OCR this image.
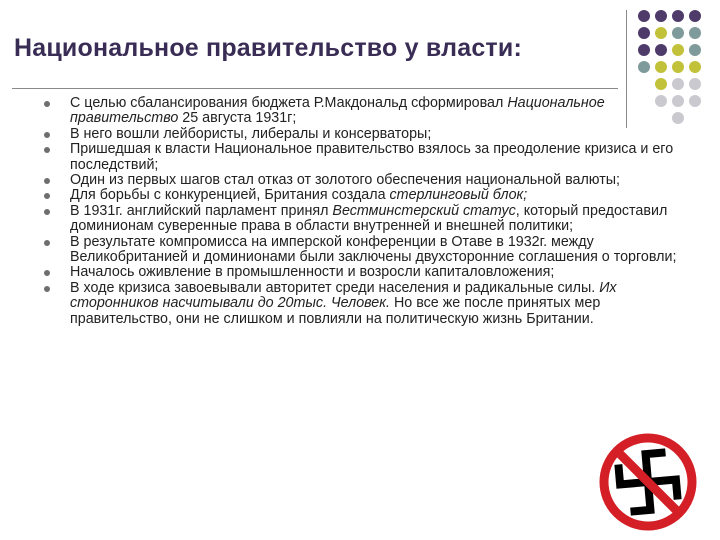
Национальное правительство у власти:
С целью сбалансирования бюджета Р.Макдональд сформировал Национальное правительство 25 августа 1931г;
В него вошли лейбористы, либералы и консерваторы;
Пришедшая к власти Национальное правительство взялось за преодоление кризиса и его последствий;
Один из первых шагов стал отказ от золотого обеспечения национальной валюты;
Для борьбы с конкуренцией, Британия создала стерлинговый блок;
В 1931г. английский парламент принял Вестминстерский статус, который предоставил доминионам суверенные права в области внутренней и внешней политики;
В результате компромисса на имперской конференции в Отаве в 1932г. между Великобританией и доминионами были заключены двухсторонние соглашения о торговли;
Началось оживление в промышленности и возросли капиталовложения;
В ходе кризиса завоевывали авторитет среди населения и радикальные силы. Их сторонников насчитывали до 20тыс. Человек. Но все же после принятых мер правительство, они не слишком и повлияли на политическую жизнь Британии.
